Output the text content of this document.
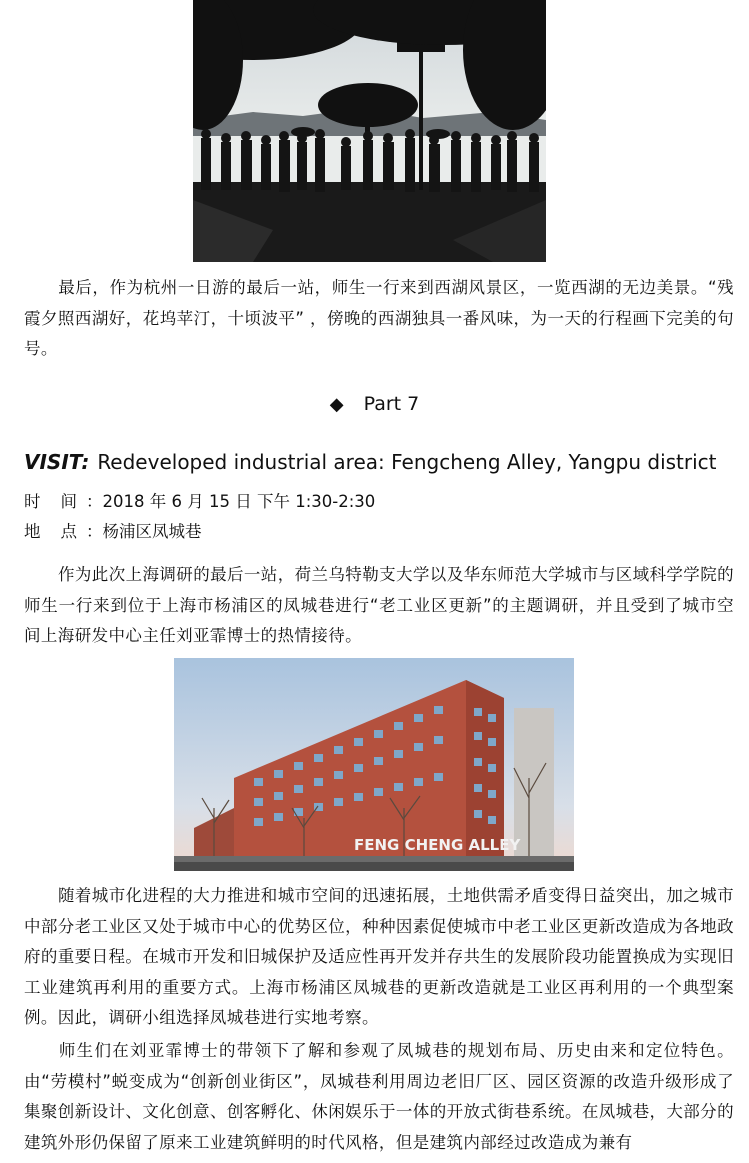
最后，作为杭州一日游的最后一站，师生一行来到西湖风景区，一览西湖的无边美景。“残霞夕照西湖好，花坞苹汀，十顷波平” ，傍晚的西湖独具一番风味，为一天的行程画下完美的句号。

◆ Part 7
VISIT: Redeveloped industrial area: Fengcheng Alley, Yangpu district
时 间 ：2018 年 6 月 15 日 下午 1:30-2:30
地 点 ：杨浦区凤城巷

作为此次上海调研的最后一站，荷兰乌特勒支大学以及华东师范大学城市与区域科学学院的师生一行来到位于上海市杨浦区的凤城巷进行“老工业区更新”的主题调研，并且受到了城市空间上海研发中心主任刘亚霏博士的热情接待。

FENG CHENG ALLEY

随着城市化进程的大力推进和城市空间的迅速拓展，土地供需矛盾变得日益突出，加之城市中部分老工业区又处于城市中心的优势区位，种种因素促使城市中老工业区更新改造成为各地政府的重要日程。在城市开发和旧城保护及适应性再开发并存共生的发展阶段功能置换成为实现旧工业建筑再利用的重要方式。上海市杨浦区凤城巷的更新改造就是工业区再利用的一个典型案例。因此，调研小组选择凤城巷进行实地考察。

师生们在刘亚霏博士的带领下了解和参观了凤城巷的规划布局、历史由来和定位特色。由“劳模村”蜕变成为“创新创业街区”，凤城巷利用周边老旧厂区、园区资源的改造升级形成了集聚创新设计、文化创意、创客孵化、休闲娱乐于一体的开放式街巷系统。在凤城巷，大部分的建筑外形仍保留了原来工业建筑鲜明的时代风格，但是建筑内部经过改造成为兼有
